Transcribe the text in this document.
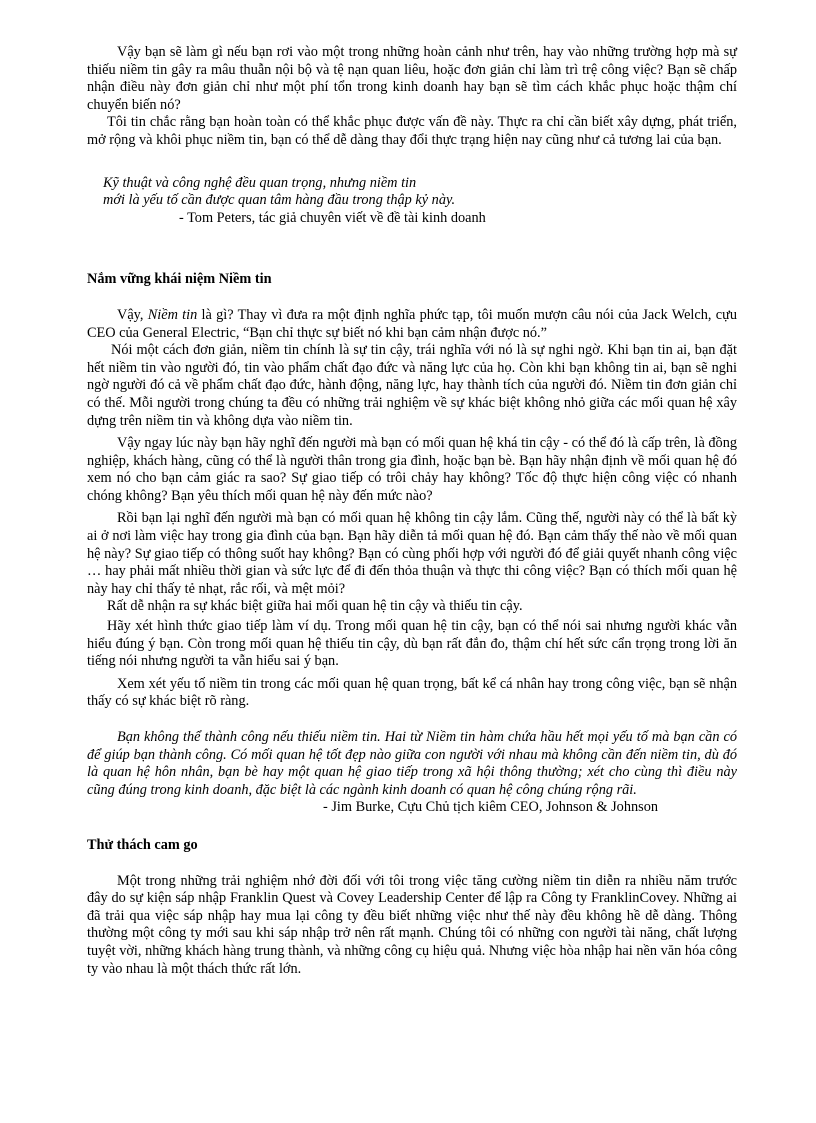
Vậy bạn sẽ làm gì nếu bạn rơi vào một trong những hoàn cảnh như trên, hay vào những trường hợp mà sự thiếu niềm tin gây ra mâu thuẫn nội bộ và tệ nạn quan liêu, hoặc đơn giản chỉ làm trì trệ công việc? Bạn sẽ chấp nhận điều này đơn giản chỉ như một phí tổn trong kinh doanh hay bạn sẽ tìm cách khắc phục hoặc thậm chí chuyển biến nó?

Tôi tin chắc rằng bạn hoàn toàn có thể khắc phục được vấn đề này. Thực ra chỉ cần biết xây dựng, phát triển, mở rộng và khôi phục niềm tin, bạn có thể dễ dàng thay đổi thực trạng hiện nay cũng như cả tương lai của bạn.

Kỹ thuật và công nghệ đều quan trọng, nhưng niềm tin
mới là yếu tố cần được quan tâm hàng đầu trong thập kỷ này.
- Tom Peters, tác giả chuyên viết về đề tài kinh doanh

Nắm vững khái niệm Niềm tin

Vậy, Niềm tin là gì? Thay vì đưa ra một định nghĩa phức tạp, tôi muốn mượn câu nói của Jack Welch, cựu CEO của General Electric, “Bạn chỉ thực sự biết nó khi bạn cảm nhận được nó.”

Nói một cách đơn giản, niềm tin chính là sự tin cậy, trái nghĩa với nó là sự nghi ngờ. Khi bạn tin ai, bạn đặt hết niềm tin vào người đó, tin vào phẩm chất đạo đức và năng lực của họ. Còn khi bạn không tin ai, bạn sẽ nghi ngờ người đó cả về phẩm chất đạo đức, hành động, năng lực, hay thành tích của người đó. Niềm tin đơn giản chỉ có thế. Mỗi người trong chúng ta đều có những trải nghiệm về sự khác biệt không nhỏ giữa các mối quan hệ xây dựng trên niềm tin và không dựa vào niềm tin.

Vậy ngay lúc này bạn hãy nghĩ đến người mà bạn có mối quan hệ khá tin cậy - có thể đó là cấp trên, là đồng nghiệp, khách hàng, cũng có thể là người thân trong gia đình, hoặc bạn bè. Bạn hãy nhận định về mối quan hệ đó xem nó cho bạn cảm giác ra sao? Sự giao tiếp có trôi chảy hay không? Tốc độ thực hiện công việc có nhanh chóng không? Bạn yêu thích mối quan hệ này đến mức nào?

Rồi bạn lại nghĩ đến người mà bạn có mối quan hệ không tin cậy lắm. Cũng thế, người này có thể là bất kỳ ai ở nơi làm việc hay trong gia đình của bạn. Bạn hãy diễn tả mối quan hệ đó. Bạn cảm thấy thế nào về mối quan hệ này? Sự giao tiếp có thông suốt hay không? Bạn có cùng phối hợp với người đó để giải quyết nhanh công việc … hay phải mất nhiều thời gian và sức lực để đi đến thỏa thuận và thực thi công việc? Bạn có thích mối quan hệ này hay chỉ thấy tẻ nhạt, rắc rối, và mệt mỏi?

Rất dễ nhận ra sự khác biệt giữa hai mối quan hệ tin cậy và thiếu tin cậy.

Hãy xét hình thức giao tiếp làm ví dụ. Trong mối quan hệ tin cậy, bạn có thể nói sai nhưng người khác vẫn hiểu đúng ý bạn. Còn trong mối quan hệ thiếu tin cậy, dù bạn rất đắn đo, thậm chí hết sức cẩn trọng trong lời ăn tiếng nói nhưng người ta vẫn hiểu sai ý bạn.

Xem xét yếu tố niềm tin trong các mối quan hệ quan trọng, bất kể cá nhân hay trong công việc, bạn sẽ nhận thấy có sự khác biệt rõ ràng.

Bạn không thể thành công nếu thiếu niềm tin. Hai từ Niềm tin hàm chứa hầu hết mọi yếu tố mà bạn cần có để giúp bạn thành công. Có mối quan hệ tốt đẹp nào giữa con người với nhau mà không cần đến niềm tin, dù đó là quan hệ hôn nhân, bạn bè hay một quan hệ giao tiếp trong xã hội thông thường; xét cho cùng thì điều này cũng đúng trong kinh doanh, đặc biệt là các ngành kinh doanh có quan hệ công chúng rộng rãi.

- Jim Burke, Cựu Chủ tịch kiêm CEO, Johnson & Johnson

Thử thách cam go

Một trong những trải nghiệm nhớ đời đối với tôi trong việc tăng cường niềm tin diễn ra nhiều năm trước đây do sự kiện sáp nhập Franklin Quest và Covey Leadership Center để lập ra Công ty FranklinCovey. Những ai đã trải qua việc sáp nhập hay mua lại công ty đều biết những việc như thế này đều không hề dễ dàng. Thông thường một công ty mới sau khi sáp nhập trở nên rất mạnh. Chúng tôi có những con người tài năng, chất lượng tuyệt vời, những khách hàng trung thành, và những công cụ hiệu quả. Nhưng việc hòa nhập hai nền văn hóa công ty vào nhau là một thách thức rất lớn.
